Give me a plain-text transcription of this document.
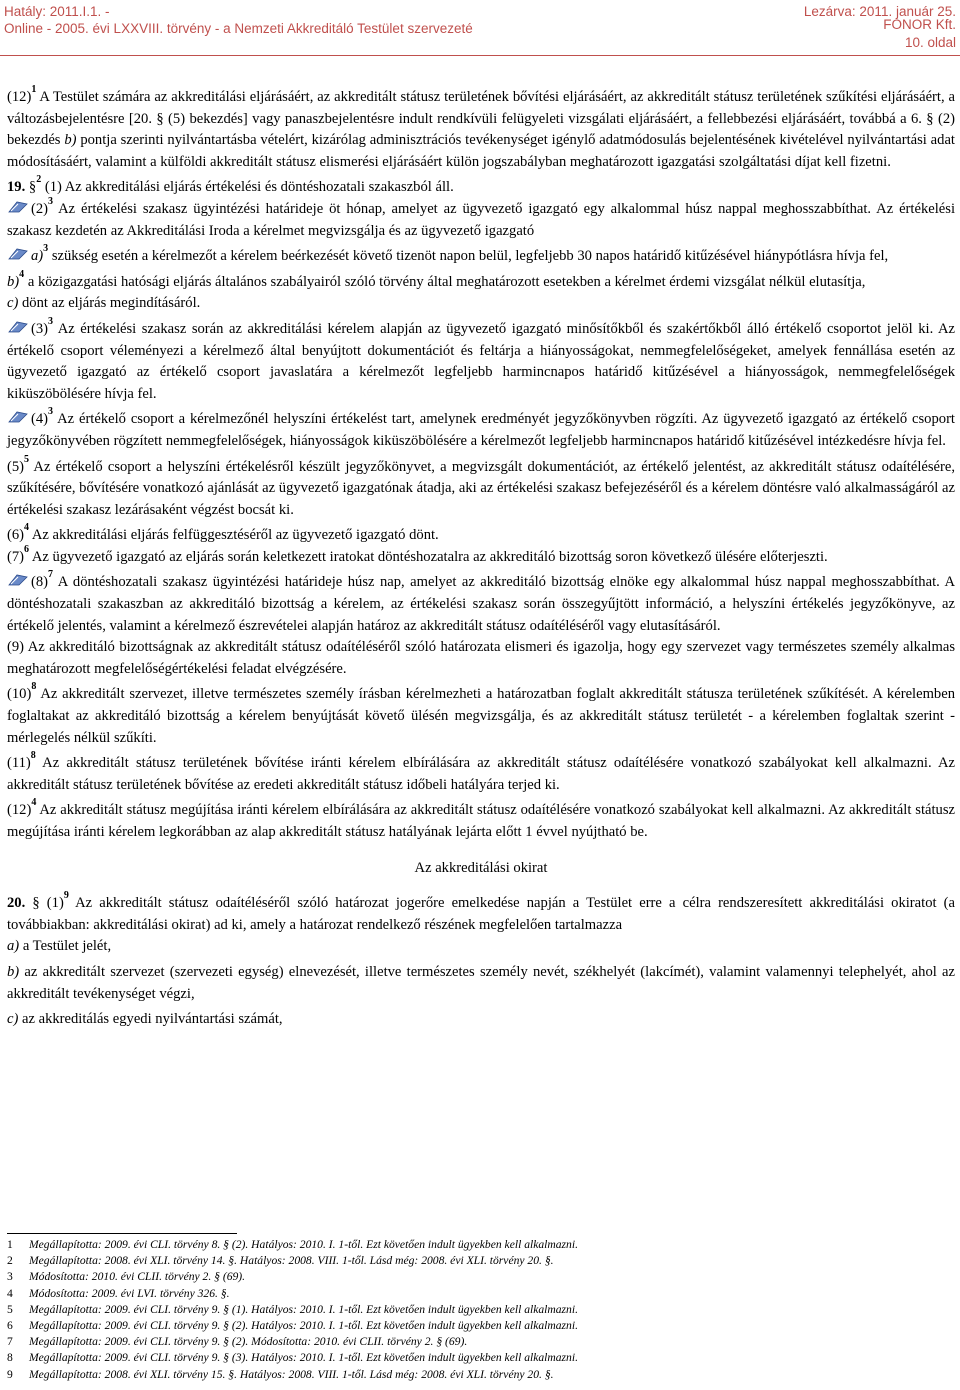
Hatály: 2011.I.1. -
Online - 2005. évi LXXVIII. törvény - a Nemzeti Akkreditáló Testület szervezeté
Lezárva: 2011. január 25.
FONOR Kft.
10. oldal

$(12)^1$ A Testület számára az akkreditálási eljárásáért, az akkreditált státusz területének bővítési eljárásáért, az akkreditált státusz területének szűkítési eljárásáért, a változásbejelentésre [20. § (5) bekezdés] vagy panaszbejelentésre indult rendkívüli felügyeleti vizsgálati eljárásáért, a fellebbezési eljárásáért, továbbá a 6. § (2) bekezdés b) pontja szerinti nyilvántartásba vételért, kizárólag adminisztrációs tevékenységet igénylő adatmódosulás bejelentésének kivételével nyilvántartási adat módosításáért, valamint a külföldi akkreditált státusz elismerési eljárásáért külön jogszabályban meghatározott igazgatási szolgáltatási díjat kell fizetni.

19. §$^2$ (1) Az akkreditálási eljárás értékelési és döntéshozatali szakaszból áll.

$(2)^3$ Az értékelési szakasz ügyintézési határideje öt hónap, amelyet az ügyvezető igazgató egy alkalommal húsz nappal meghosszabbíthat. Az értékelési szakasz kezdetén az Akkreditálási Iroda a kérelmet megvizsgálja és az ügyvezető igazgató

a)$^3$ szükség esetén a kérelmezőt a kérelem beérkezését követő tizenöt napon belül, legfeljebb 30 napos határidő kitűzésével hiánypótlásra hívja fel,

b)$^4$ a közigazgatási hatósági eljárás általános szabályairól szóló törvény által meghatározott esetekben a kérelmet érdemi vizsgálat nélkül elutasítja,

c) dönt az eljárás megindításáról.

$(3)^3$ Az értékelési szakasz során az akkreditálási kérelem alapján az ügyvezető igazgató minősítőkből és szakértőkből álló értékelő csoportot jelöl ki. Az értékelő csoport véleményezi a kérelmező által benyújtott dokumentációt és feltárja a hiányosságokat, nemmegfelelőségeket, amelyek fennállása esetén az ügyvezető igazgató az értékelő csoport javaslatára a kérelmezőt legfeljebb harmincnapos határidő kitűzésével a hiányosságok, nemmegfelelőségek kiküszöbölésére hívja fel.

$(4)^3$ Az értékelő csoport a kérelmezőnél helyszíni értékelést tart, amelynek eredményét jegyzőkönyvben rögzíti. Az ügyvezető igazgató az értékelő csoport jegyzőkönyvében rögzített nemmegfelelőségek, hiányosságok kiküszöbölésére a kérelmezőt legfeljebb harmincnapos határidő kitűzésével intézkedésre hívja fel.

$(5)^5$ Az értékelő csoport a helyszíni értékelésről készült jegyzőkönyvet, a megvizsgált dokumentációt, az értékelő jelentést, az akkreditált státusz odaítélésére, szűkítésére, bővítésére vonatkozó ajánlását az ügyvezető igazgatónak átadja, aki az értékelési szakasz befejezéséről és a kérelem döntésre való alkalmasságáról az értékelési szakasz lezárásaként végzést bocsát ki.

$(6)^4$ Az akkreditálási eljárás felfüggesztéséről az ügyvezető igazgató dönt.

$(7)^6$ Az ügyvezető igazgató az eljárás során keletkezett iratokat döntéshozatalra az akkreditáló bizottság soron következő ülésére előterjeszti.

$(8)^7$ A döntéshozatali szakasz ügyintézési határideje húsz nap, amelyet az akkreditáló bizottság elnöke egy alkalommal húsz nappal meghosszabbíthat. A döntéshozatali szakaszban az akkreditáló bizottság a kérelem, az értékelési szakasz során összegyűjtött információ, a helyszíni értékelés jegyzőkönyve, az értékelő jelentés, valamint a kérelmező észrevételei alapján határoz az akkreditált státusz odaítéléséről vagy elutasításáról.

(9) Az akkreditáló bizottságnak az akkreditált státusz odaítéléséről szóló határozata elismeri és igazolja, hogy egy szervezet vagy természetes személy alkalmas meghatározott megfelelőségértékelési feladat elvégzésére.

$(10)^8$ Az akkreditált szervezet, illetve természetes személy írásban kérelmezheti a határozatban foglalt akkreditált státusza területének szűkítését. A kérelemben foglaltakat az akkreditáló bizottság a kérelem benyújtását követő ülésén megvizsgálja, és az akkreditált státusz területét - a kérelemben foglaltak szerint - mérlegelés nélkül szűkíti.

$(11)^8$ Az akkreditált státusz területének bővítése iránti kérelem elbírálására az akkreditált státusz odaítélésére vonatkozó szabályokat kell alkalmazni. Az akkreditált státusz területének bővítése az eredeti akkreditált státusz időbeli hatályára terjed ki.

$(12)^4$ Az akkreditált státusz megújítása iránti kérelem elbírálására az akkreditált státusz odaítélésére vonatkozó szabályokat kell alkalmazni. Az akkreditált státusz megújítása iránti kérelem legkorábban az alap akkreditált státusz hatályának lejárta előtt 1 évvel nyújtható be.

Az akkreditálási okirat

20. § $(1)^9$ Az akkreditált státusz odaítéléséről szóló határozat jogerőre emelkedése napján a Testület erre a célra rendszeresített akkreditálási okiratot (a továbbiakban: akkreditálási okirat) ad ki, amely a határozat rendelkező részének megfelelően tartalmazza

a) a Testület jelét,

b) az akkreditált szervezet (szervezeti egység) elnevezését, illetve természetes személy nevét, székhelyét (lakcímét), valamint valamennyi telephelyét, ahol az akkreditált tevékenységet végzi,

c) az akkreditálás egyedi nyilvántartási számát,

1 Megállapította: 2009. évi CLI. törvény 8. § (2). Hatályos: 2010. I. 1-től. Ezt követően indult ügyekben kell alkalmazni.
2 Megállapította: 2008. évi XLI. törvény 14. §. Hatályos: 2008. VIII. 1-től. Lásd még: 2008. évi XLI. törvény 20. §.
3 Módosította: 2010. évi CLII. törvény 2. § (69).
4 Módosította: 2009. évi LVI. törvény 326. §.
5 Megállapította: 2009. évi CLI. törvény 9. § (1). Hatályos: 2010. I. 1-től. Ezt követően indult ügyekben kell alkalmazni.
6 Megállapította: 2009. évi CLI. törvény 9. § (2). Hatályos: 2010. I. 1-től. Ezt követően indult ügyekben kell alkalmazni.
7 Megállapította: 2009. évi CLI. törvény 9. § (2). Módosította: 2010. évi CLII. törvény 2. § (69).
8 Megállapította: 2009. évi CLI. törvény 9. § (3). Hatályos: 2010. I. 1-től. Ezt követően indult ügyekben kell alkalmazni.
9 Megállapította: 2008. évi XLI. törvény 15. §. Hatályos: 2008. VIII. 1-től. Lásd még: 2008. évi XLI. törvény 20. §.
